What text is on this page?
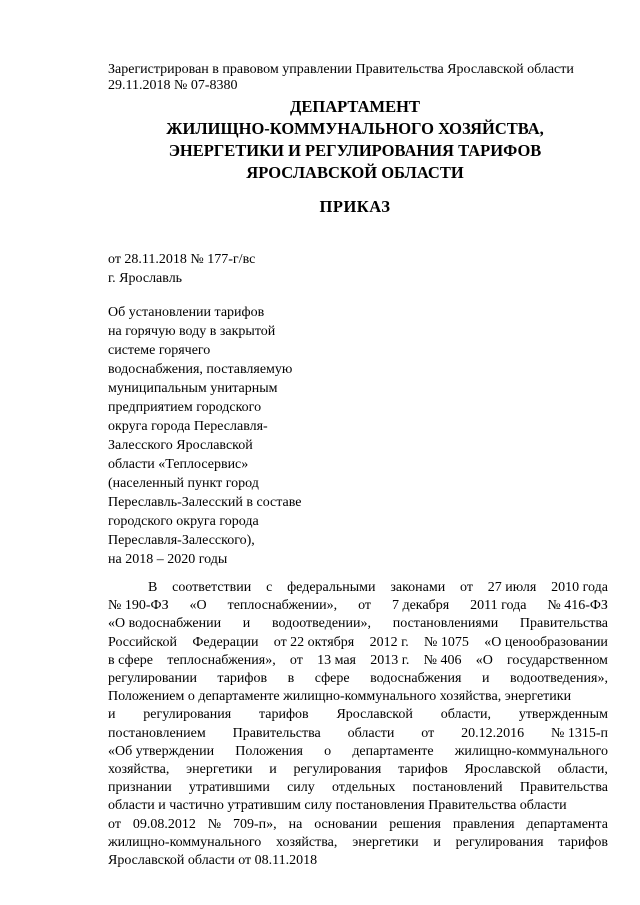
Зарегистрирован в правовом управлении Правительства Ярославской области
29.11.2018 № 07-8380
ДЕПАРТАМЕНТ
ЖИЛИЩНО-КОММУНАЛЬНОГО ХОЗЯЙСТВА,
ЭНЕРГЕТИКИ И РЕГУЛИРОВАНИЯ ТАРИФОВ
ЯРОСЛАВСКОЙ ОБЛАСТИ
ПРИКАЗ
от 28.11.2018 № 177-г/вс
г. Ярославль
Об установлении тарифов
на горячую воду в закрытой
системе горячего
водоснабжения, поставляемую
муниципальным унитарным
предприятием городского
округа города Переславля-
Залесского Ярославской
области «Теплосервис»
(населенный пункт город
Переславль-Залесский в составе
городского округа города
Переславля-Залесского),
на 2018 – 2020 годы
В соответствии с федеральными законами от 27 июля 2010 года
№ 190-ФЗ «О теплоснабжении», от 7 декабря 2011 года № 416-ФЗ
«О водоснабжении и водоотведении», постановлениями Правительства
Российской Федерации от 22 октября 2012 г. № 1075 «О ценообразовании
в сфере теплоснабжения», от 13 мая 2013 г. № 406 «О государственном
регулировании тарифов в сфере водоснабжения и водоотведения»,
Положением о департаменте жилищно-коммунального хозяйства, энергетики
и регулирования тарифов Ярославской области, утвержденным
постановлением Правительства области от 20.12.2016 № 1315-п
«Об утверждении Положения о департаменте жилищно-коммунального
хозяйства, энергетики и регулирования тарифов Ярославской области,
признании утратившими силу отдельных постановлений Правительства
области и частично утратившим силу постановления Правительства области
от 09.08.2012 № 709-п», на основании решения правления департамента
жилищно-коммунального хозяйства, энергетики и регулирования тарифов
Ярославской области от 08.11.2018
